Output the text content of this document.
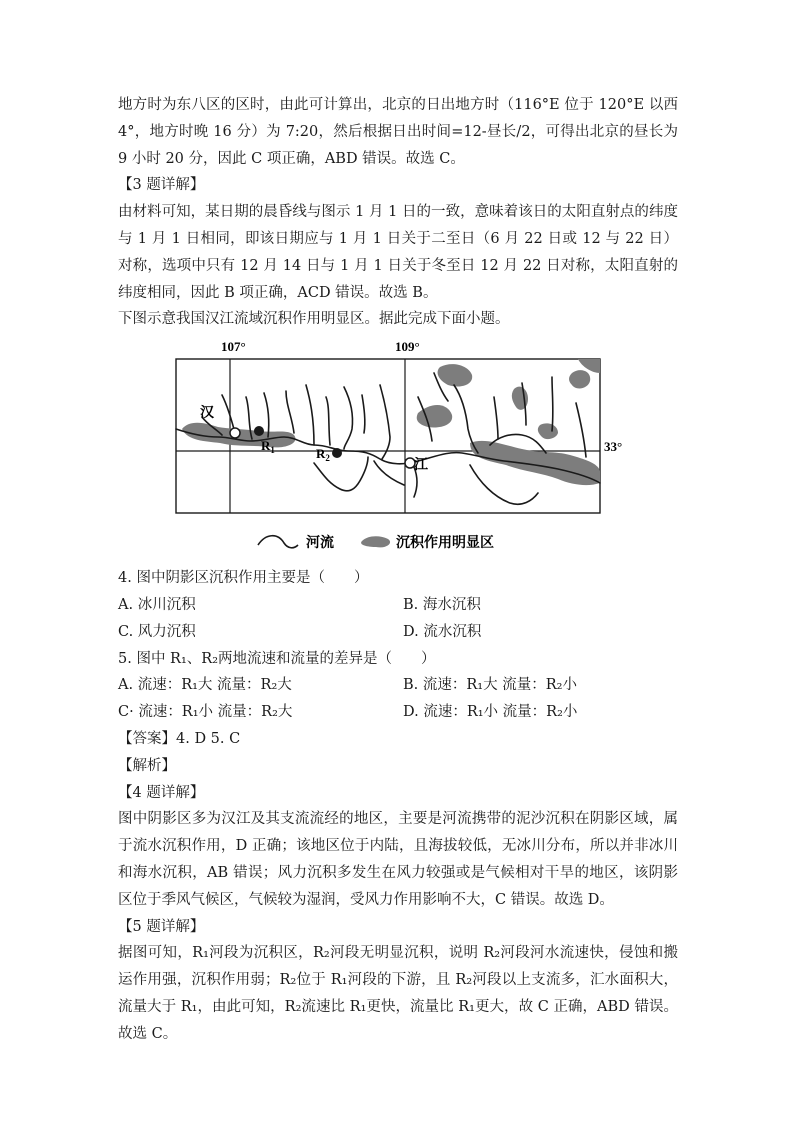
地方时为东八区的区时，由此可计算出，北京的日出地方时（116°E 位于 120°E 以西 4°，地方时晚 16 分）为 7:20，然后根据日出时间=12-昼长/2，可得出北京的昼长为 9 小时 20 分，因此 C 项正确，ABD 错误。故选 C。

【3 题详解】

由材料可知，某日期的晨昏线与图示 1 月 1 日的一致，意味着该日的太阳直射点的纬度与 1 月 1 日相同，即该日期应与 1 月 1 日关于二至日（6 月 22 日或 12 与 22 日）对称，选项中只有 12 月 14 日与 1 月 1 日关于冬至日 12 月 22 日对称，太阳直射的纬度相同，因此 B 项正确，ACD 错误。故选 B。

下图示意我国汉江流域沉积作用明显区。据此完成下面小题。

107°	109°
汉
江
$R_1$	$R_2$
33°
河流	沉积作用明显区

4. 图中阴影区沉积作用主要是（　　）

A. 冰川沉积	B. 海水沉积
C. 风力沉积	D. 流水沉积

5. 图中 R₁、R₂两地流速和流量的差异是（　　）

A. 流速：R₁大 流量：R₂大	B. 流速：R₁大 流量：R₂小
C· 流速：R₁小 流量：R₂大	D. 流速：R₁小 流量：R₂小

【答案】4. D 5. C

【解析】

【4 题详解】

图中阴影区多为汉江及其支流流经的地区，主要是河流携带的泥沙沉积在阴影区域，属于流水沉积作用，D 正确；该地区位于内陆，且海拔较低，无冰川分布，所以并非冰川和海水沉积，AB 错误；风力沉积多发生在风力较强或是气候相对干旱的地区，该阴影区位于季风气候区，气候较为湿润，受风力作用影响不大，C 错误。故选 D。

【5 题详解】

据图可知，R₁河段为沉积区，R₂河段无明显沉积，说明 R₂河段河水流速快，侵蚀和搬运作用强，沉积作用弱；R₂位于 R₁河段的下游，且 R₂河段以上支流多，汇水面积大，流量大于 R₁，由此可知，R₂流速比 R₁更快，流量比 R₁更大，故 C 正确，ABD 错误。故选 C。
